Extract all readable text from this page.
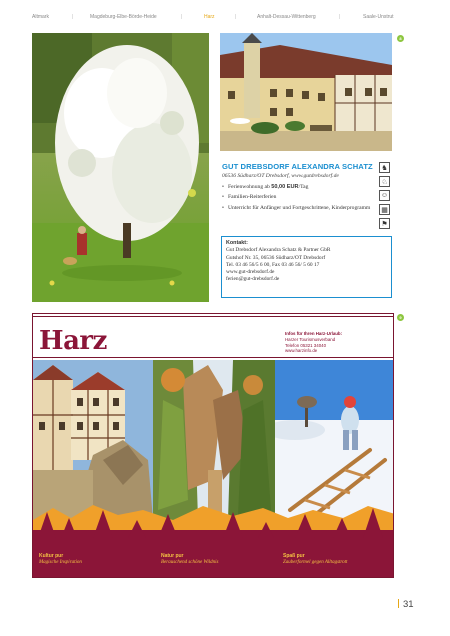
Altmark	|	Magdeburg-Elbe-Börde-Heide	|	Harz	|	Anhalt-Dessau-Wittenberg	|	Saale-Unstrut
8
GUT DREBSDORF ALEXANDRA SCHATZ
06536 Südharz/OT Drebsdorf, www.gutdrebsdorf.de
• Ferienwohnung ab 50,00 EUR/Tag
• Familien-Reiterferien
• Unterricht für Anfänger und Fortgeschrittene, Kinderprogramm
♞
♘
☺
▦
⚑
Kontakt:
Gut Drebsdorf Alexandra Schatz & Partner GbR
Gutshof Nr. 35, 06536 Südharz/OT Drebsdorf
Tel. 03 46 56/5 6 00, Fax 03 46 56/ 5 60 17
www.gut-drebsdorf.de
ferien@gut-drebsdorf.de
9
Harz	Infos für Ihren Harz-Urlaub:
Harzer Tourismusverband
Telefon 05321 34040
www.harzinfo.de
Kultur pur
Magische Inspiration
Natur pur
Berauschend schöne Wildnis
Spaß pur
Zauberformel gegen Alltagstrott
31
